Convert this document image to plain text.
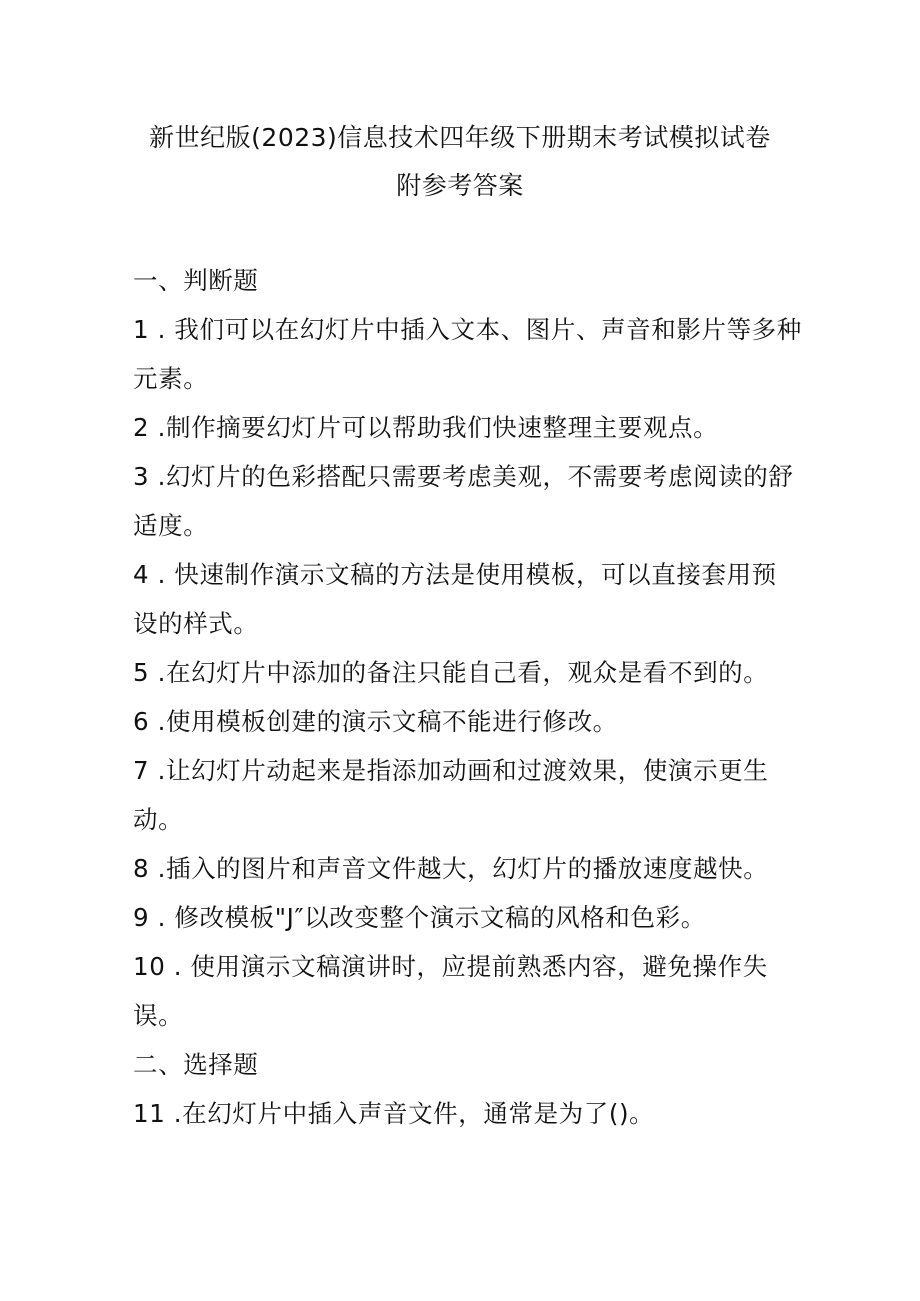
新世纪版(2023)信息技术四年级下册期末考试模拟试卷
附参考答案
一、判断题
1 . 我们可以在幻灯片中插入文本、图片、声音和影片等多种
元素。
2 .制作摘要幻灯片可以帮助我们快速整理主要观点。
3 .幻灯片的色彩搭配只需要考虑美观，不需要考虑阅读的舒
适度。
4 . 快速制作演示文稿的方法是使用模板，可以直接套用预
设的样式。
5 .在幻灯片中添加的备注只能自己看，观众是看不到的。
6 .使用模板创建的演示文稿不能进行修改。
7 .让幻灯片动起来是指添加动画和过渡效果，使演示更生
动。
8 .插入的图片和声音文件越大，幻灯片的播放速度越快。
9 . 修改模板"J″以改变整个演示文稿的风格和色彩。
10 . 使用演示文稿演讲时，应提前熟悉内容，避免操作失
误。
二、选择题
11 .在幻灯片中插入声音文件，通常是为了()。
